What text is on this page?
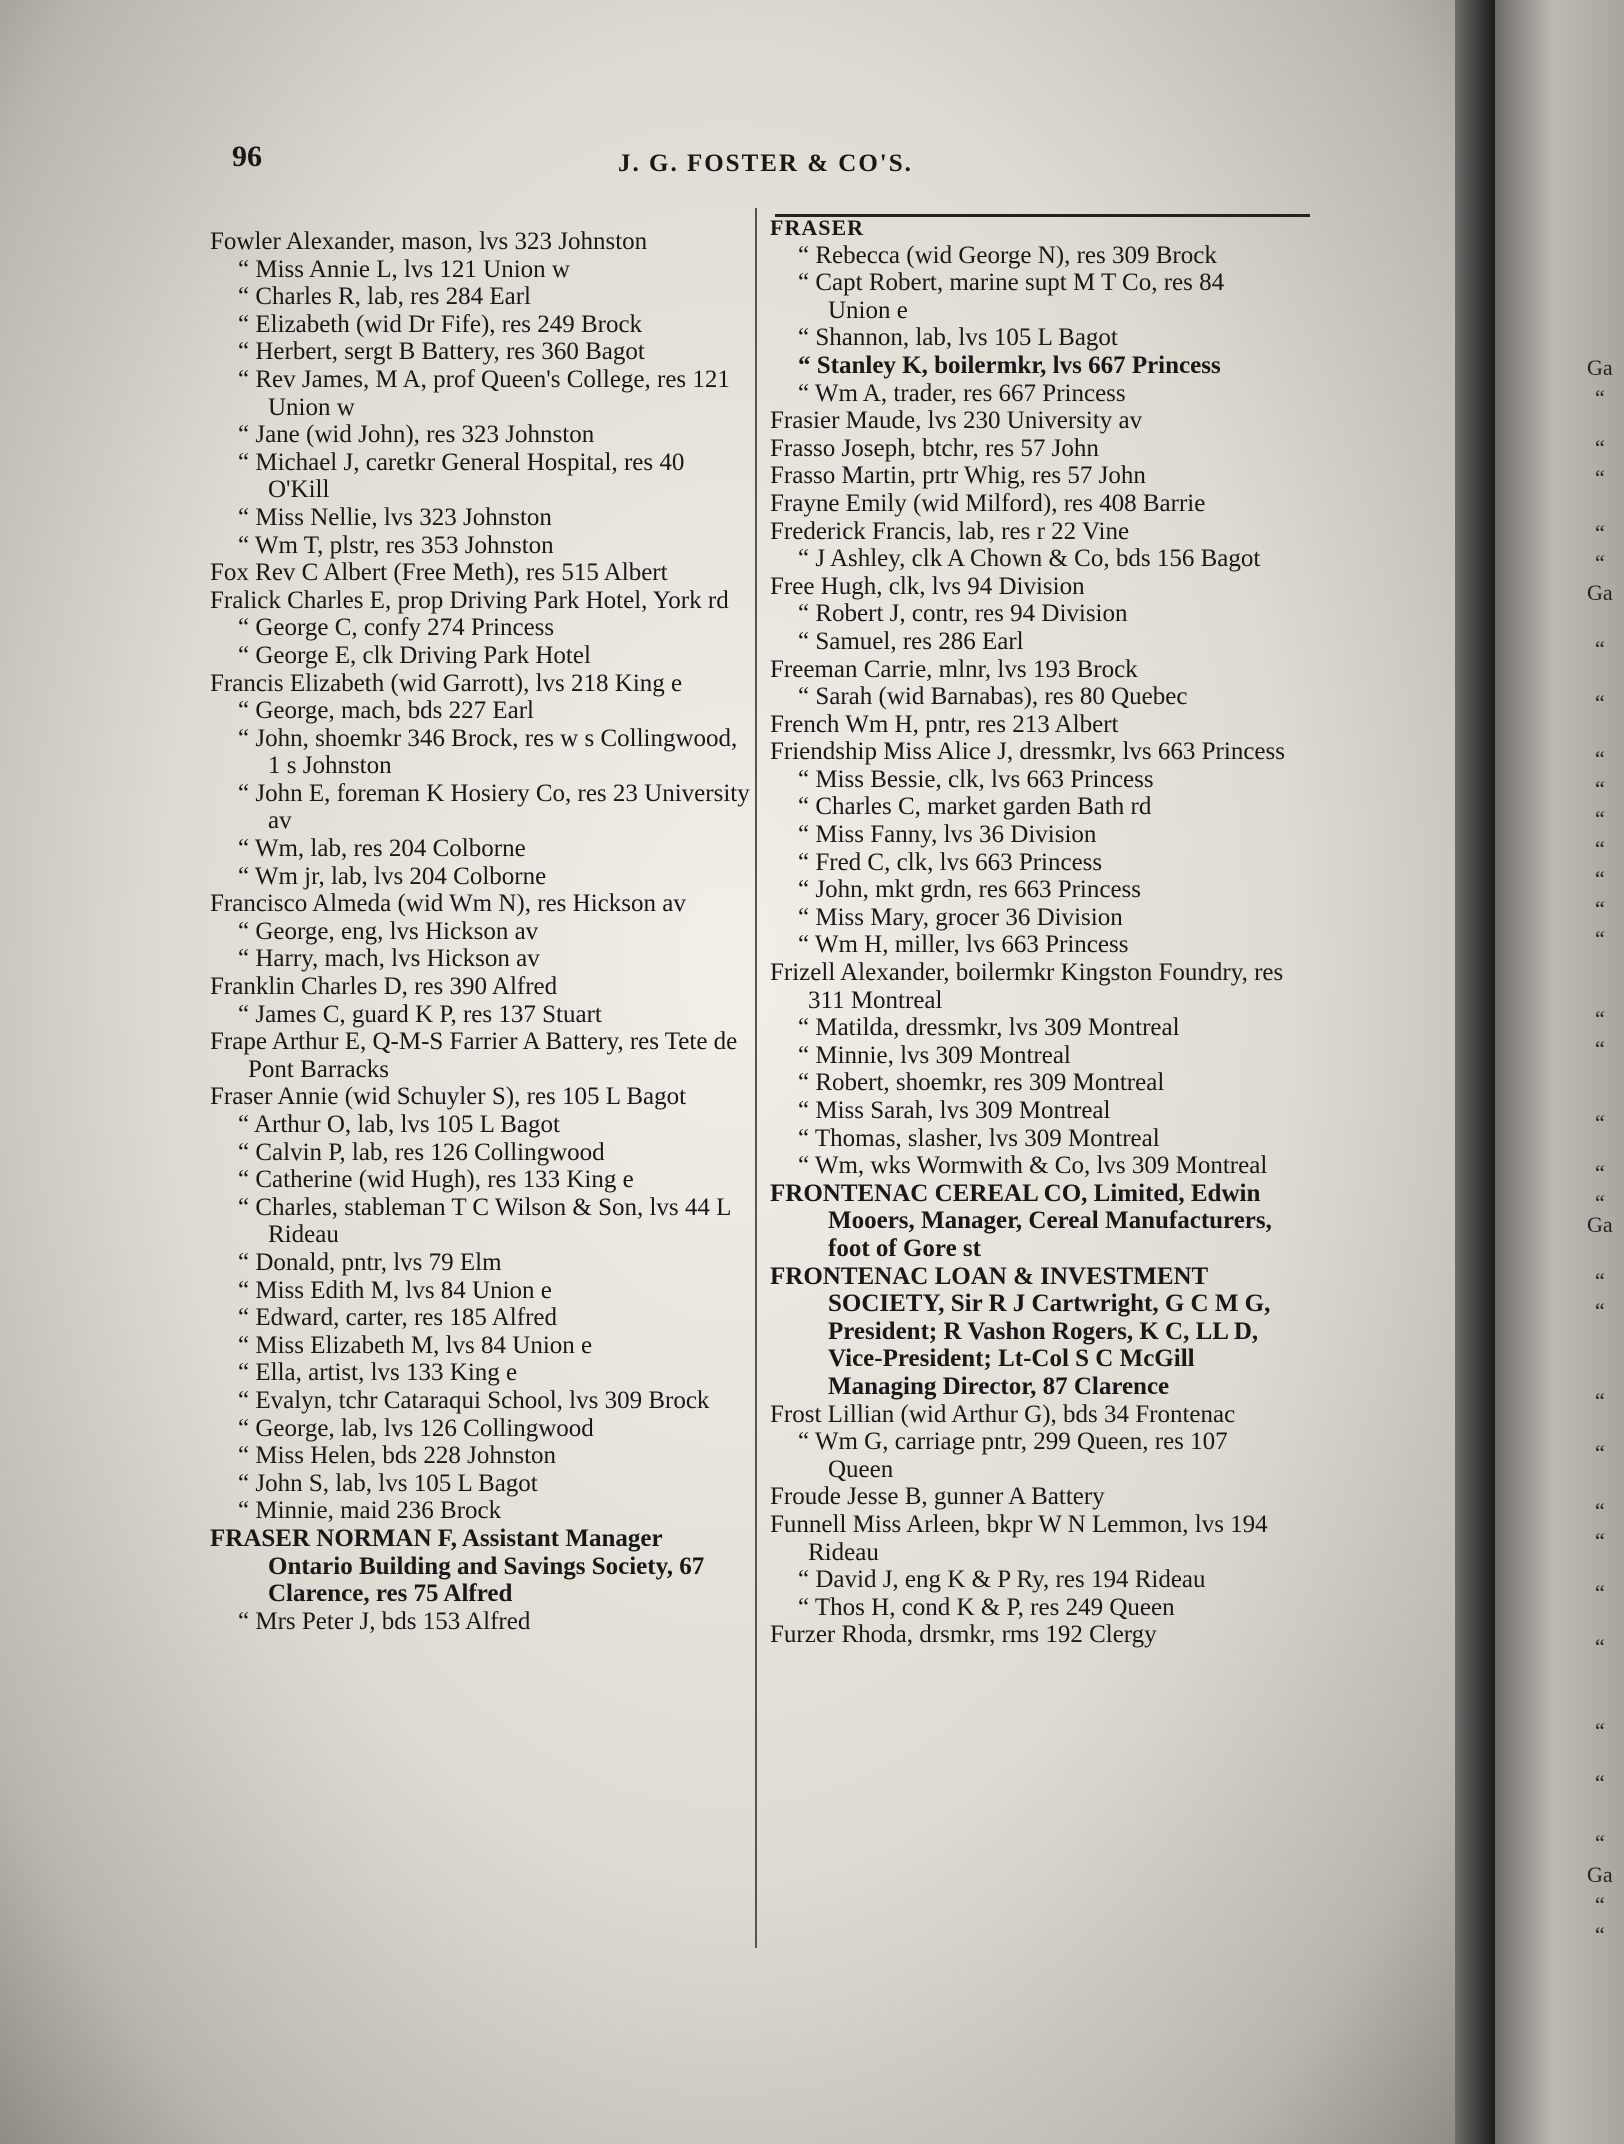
96	J. G. FOSTER & CO'S.
Fowler Alexander, mason, lvs 323 Johnston
“ Miss Annie L, lvs 121 Union w
“ Charles R, lab, res 284 Earl
“ Elizabeth (wid Dr Fife), res 249 Brock
“ Herbert, sergt B Battery, res 360 Bagot
“ Rev James, M A, prof Queen's College, res 121 Union w
“ Jane (wid John), res 323 Johnston
“ Michael J, caretkr General Hospital, res 40 O'Kill
“ Miss Nellie, lvs 323 Johnston
“ Wm T, plstr, res 353 Johnston
Fox Rev C Albert (Free Meth), res 515 Albert
Fralick Charles E, prop Driving Park Hotel, York rd
“ George C, confy 274 Princess
“ George E, clk Driving Park Hotel
Francis Elizabeth (wid Garrott), lvs 218 King e
“ George, mach, bds 227 Earl
“ John, shoemkr 346 Brock, res w s Collingwood, 1 s Johnston
“ John E, foreman K Hosiery Co, res 23 University av
“ Wm, lab, res 204 Colborne
“ Wm jr, lab, lvs 204 Colborne
Francisco Almeda (wid Wm N), res Hickson av
“ George, eng, lvs Hickson av
“ Harry, mach, lvs Hickson av
Franklin Charles D, res 390 Alfred
“ James C, guard K P, res 137 Stuart
Frape Arthur E, Q-M-S Farrier A Battery, res Tete de Pont Barracks
Fraser Annie (wid Schuyler S), res 105 L Bagot
“ Arthur O, lab, lvs 105 L Bagot
“ Calvin P, lab, res 126 Collingwood
“ Catherine (wid Hugh), res 133 King e
“ Charles, stableman T C Wilson & Son, lvs 44 L Rideau
“ Donald, pntr, lvs 79 Elm
“ Miss Edith M, lvs 84 Union e
“ Edward, carter, res 185 Alfred
“ Miss Elizabeth M, lvs 84 Union e
“ Ella, artist, lvs 133 King e
“ Evalyn, tchr Cataraqui School, lvs 309 Brock
“ George, lab, lvs 126 Collingwood
“ Miss Helen, bds 228 Johnston
“ John S, lab, lvs 105 L Bagot
“ Minnie, maid 236 Brock
FRASER NORMAN F, Assistant Manager Ontario Building and Savings Society, 67 Clarence, res 75 Alfred
“ Mrs Peter J, bds 153 Alfred
FRASER
“ Rebecca (wid George N), res 309 Brock
“ Capt Robert, marine supt M T Co, res 84 Union e
“ Shannon, lab, lvs 105 L Bagot
“ Stanley K, boilermkr, lvs 667 Princess
“ Wm A, trader, res 667 Princess
Frasier Maude, lvs 230 University av
Frasso Joseph, btchr, res 57 John
Frasso Martin, prtr Whig, res 57 John
Frayne Emily (wid Milford), res 408 Barrie
Frederick Francis, lab, res r 22 Vine
“ J Ashley, clk A Chown & Co, bds 156 Bagot
Free Hugh, clk, lvs 94 Division
“ Robert J, contr, res 94 Division
“ Samuel, res 286 Earl
Freeman Carrie, mlnr, lvs 193 Brock
“ Sarah (wid Barnabas), res 80 Quebec
French Wm H, pntr, res 213 Albert
Friendship Miss Alice J, dressmkr, lvs 663 Princess
“ Miss Bessie, clk, lvs 663 Princess
“ Charles C, market garden Bath rd
“ Miss Fanny, lvs 36 Division
“ Fred C, clk, lvs 663 Princess
“ John, mkt grdn, res 663 Princess
“ Miss Mary, grocer 36 Division
“ Wm H, miller, lvs 663 Princess
Frizell Alexander, boilermkr Kingston Foundry, res 311 Montreal
“ Matilda, dressmkr, lvs 309 Montreal
“ Minnie, lvs 309 Montreal
“ Robert, shoemkr, res 309 Montreal
“ Miss Sarah, lvs 309 Montreal
“ Thomas, slasher, lvs 309 Montreal
“ Wm, wks Wormwith & Co, lvs 309 Montreal
FRONTENAC CEREAL CO, Limited, Edwin Mooers, Manager, Cereal Manufacturers, foot of Gore st
FRONTENAC LOAN & INVESTMENT SOCIETY, Sir R J Cartwright, G C M G, President; R Vashon Rogers, K C, LL D, Vice-President; Lt-Col S C McGill Managing Director, 87 Clarence
Frost Lillian (wid Arthur G), bds 34 Frontenac
“ Wm G, carriage pntr, 299 Queen, res 107 Queen
Froude Jesse B, gunner A Battery
Funnell Miss Arleen, bkpr W N Lemmon, lvs 194 Rideau
“ David J, eng K & P Ry, res 194 Rideau
“ Thos H, cond K & P, res 249 Queen
Furzer Rhoda, drsmkr, rms 192 Clergy
Ga
“
“
“
“
“
Ga
“
“
“
“
“
“
“
“
“
“
“
“
“
“
Ga
“
“
“
“
“
“
“
“
“
“
“
Ga
“
“
